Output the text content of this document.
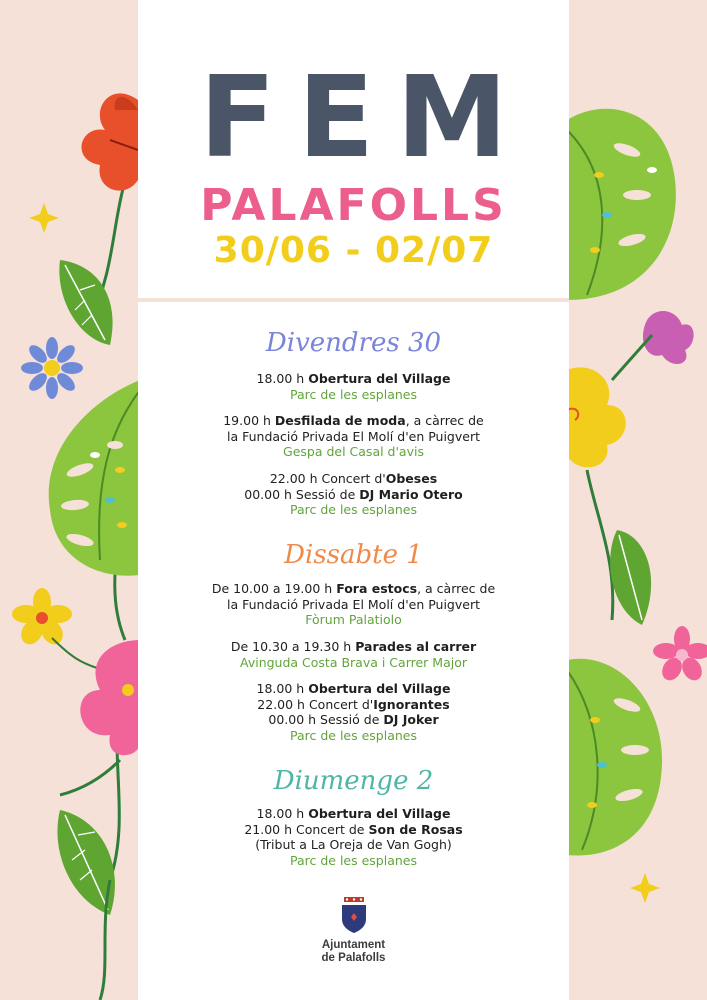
FEM
PALAFOLLS
30/06 - 02/07
Divendres 30
18.00 h Obertura del Village
Parc de les esplanes
19.00 h Desfilada de moda, a càrrec de
la Fundació Privada El Molí d'en Puigvert
Gespa del Casal d'avis
22.00 h Concert d'Obeses
00.00 h Sessió de DJ Mario Otero
Parc de les esplanes
Dissabte 1
De 10.00 a 19.00 h Fora estocs, a càrrec de
la Fundació Privada El Molí d'en Puigvert
Fòrum Palatiolo
De 10.30 a 19.30 h Parades al carrer
Avinguda Costa Brava i Carrer Major
18.00 h Obertura del Village
22.00 h Concert d'Ignorantes
00.00 h Sessió de DJ Joker
Parc de les esplanes
Diumenge 2
18.00 h Obertura del Village
21.00 h Concert de Son de Rosas
(Tribut a La Oreja de Van Gogh)
Parc de les esplanes
Ajuntament
de Palafolls
